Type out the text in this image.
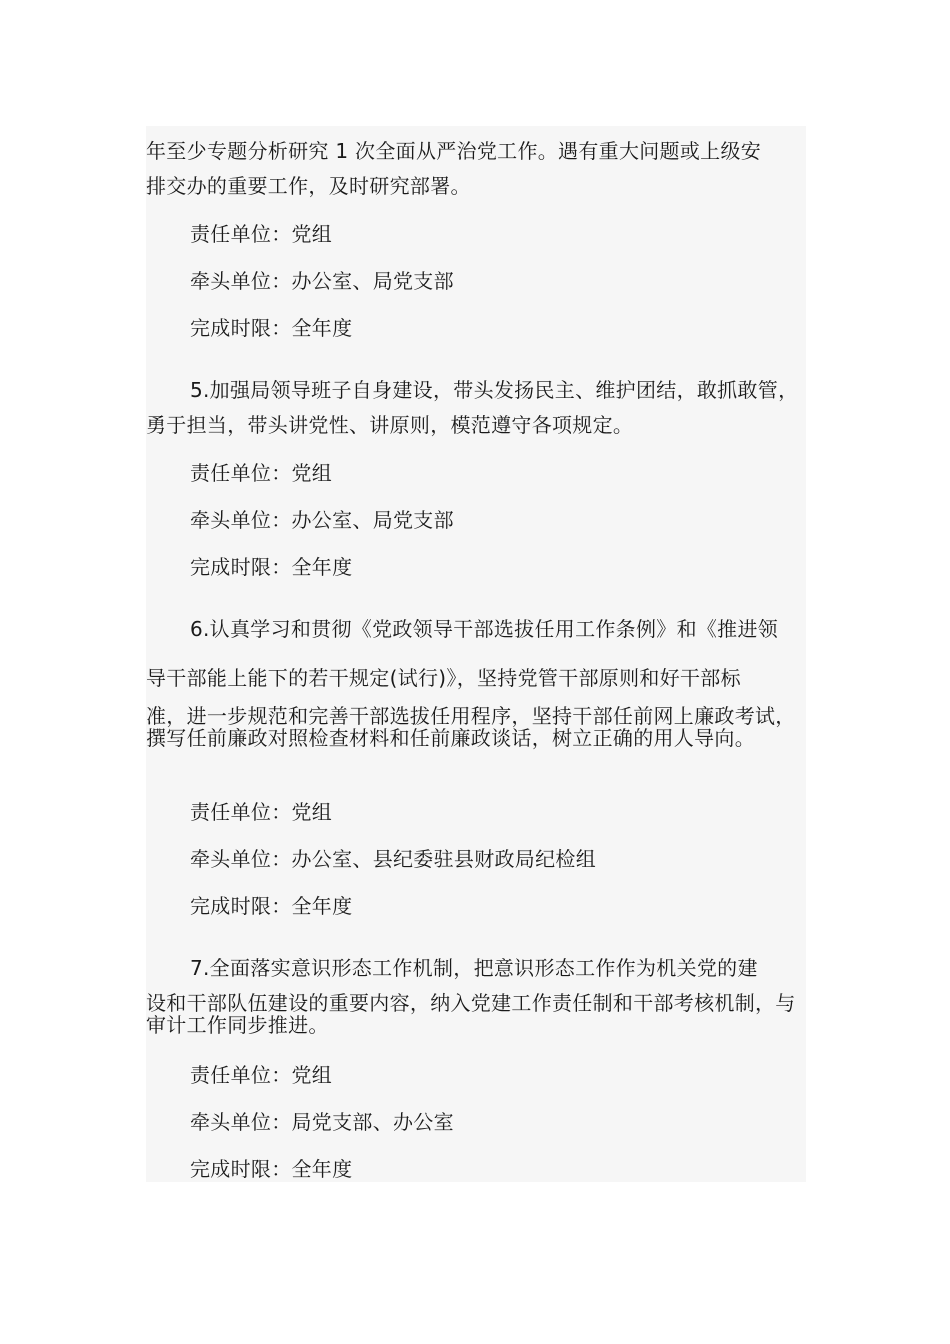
年至少专题分析研究 1 次全面从严治党工作。遇有重大问题或上级安
排交办的重要工作，及时研究部署。
责任单位：党组
牵头单位：办公室、局党支部
完成时限：全年度
5.加强局领导班子自身建设，带头发扬民主、维护团结，敢抓敢管，
勇于担当，带头讲党性、讲原则，模范遵守各项规定。
责任单位：党组
牵头单位：办公室、局党支部
完成时限：全年度
6.认真学习和贯彻《党政领导干部选拔任用工作条例》和《推进领
导干部能上能下的若干规定(试行)》，坚持党管干部原则和好干部标
准，进一步规范和完善干部选拔任用程序，坚持干部任前网上廉政考试，撰写任前廉政对照检查材料和任前廉政谈话，树立正确的用人导向。
责任单位：党组
牵头单位：办公室、县纪委驻县财政局纪检组
完成时限：全年度
7.全面落实意识形态工作机制，把意识形态工作作为机关党的建
设和干部队伍建设的重要内容，纳入党建工作责任制和干部考核机制，与审计工作同步推进。
责任单位：党组
牵头单位：局党支部、办公室
完成时限：全年度
